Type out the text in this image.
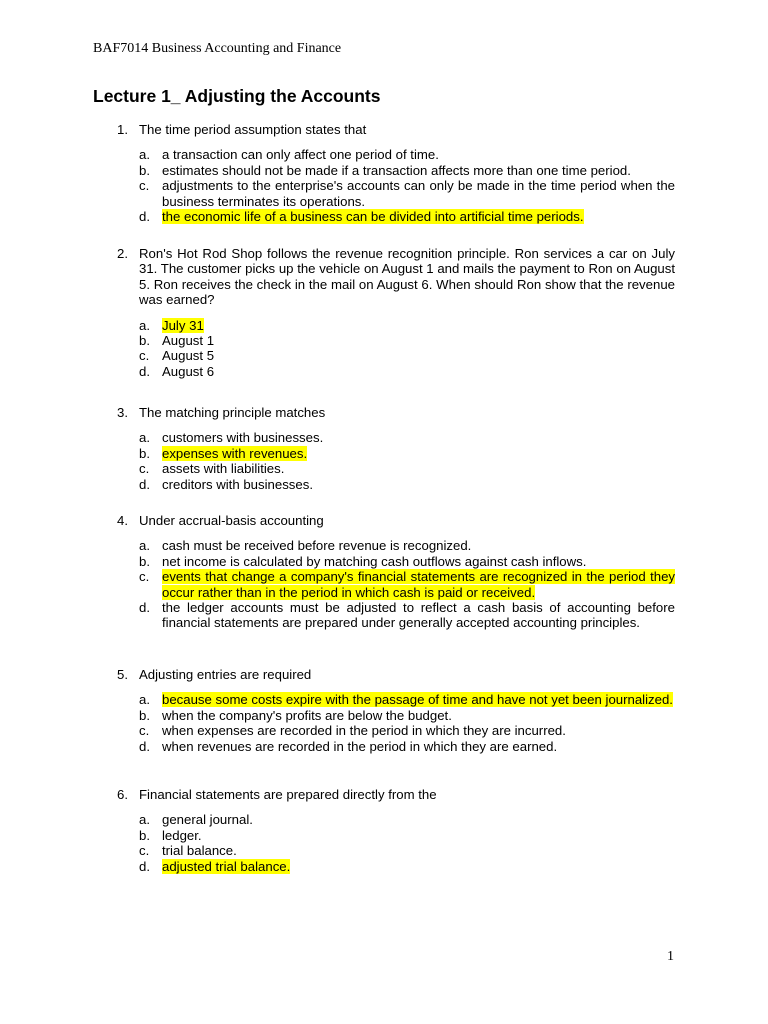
BAF7014 Business Accounting and Finance
Lecture 1_ Adjusting the Accounts
1. The time period assumption states that
a. a transaction can only affect one period of time.
b. estimates should not be made if a transaction affects more than one time period.
c. adjustments to the enterprise's accounts can only be made in the time period when the business terminates its operations.
d. the economic life of a business can be divided into artificial time periods.
2. Ron's Hot Rod Shop follows the revenue recognition principle. Ron services a car on July 31. The customer picks up the vehicle on August 1 and mails the payment to Ron on August 5. Ron receives the check in the mail on August 6. When should Ron show that the revenue was earned?
a. July 31
b. August 1
c. August 5
d. August 6
3. The matching principle matches
a. customers with businesses.
b. expenses with revenues.
c. assets with liabilities.
d. creditors with businesses.
4. Under accrual-basis accounting
a. cash must be received before revenue is recognized.
b. net income is calculated by matching cash outflows against cash inflows.
c. events that change a company's financial statements are recognized in the period they occur rather than in the period in which cash is paid or received.
d. the ledger accounts must be adjusted to reflect a cash basis of accounting before financial statements are prepared under generally accepted accounting principles.
5. Adjusting entries are required
a. because some costs expire with the passage of time and have not yet been journalized.
b. when the company's profits are below the budget.
c. when expenses are recorded in the period in which they are incurred.
d. when revenues are recorded in the period in which they are earned.
6. Financial statements are prepared directly from the
a. general journal.
b. ledger.
c. trial balance.
d. adjusted trial balance.
1
